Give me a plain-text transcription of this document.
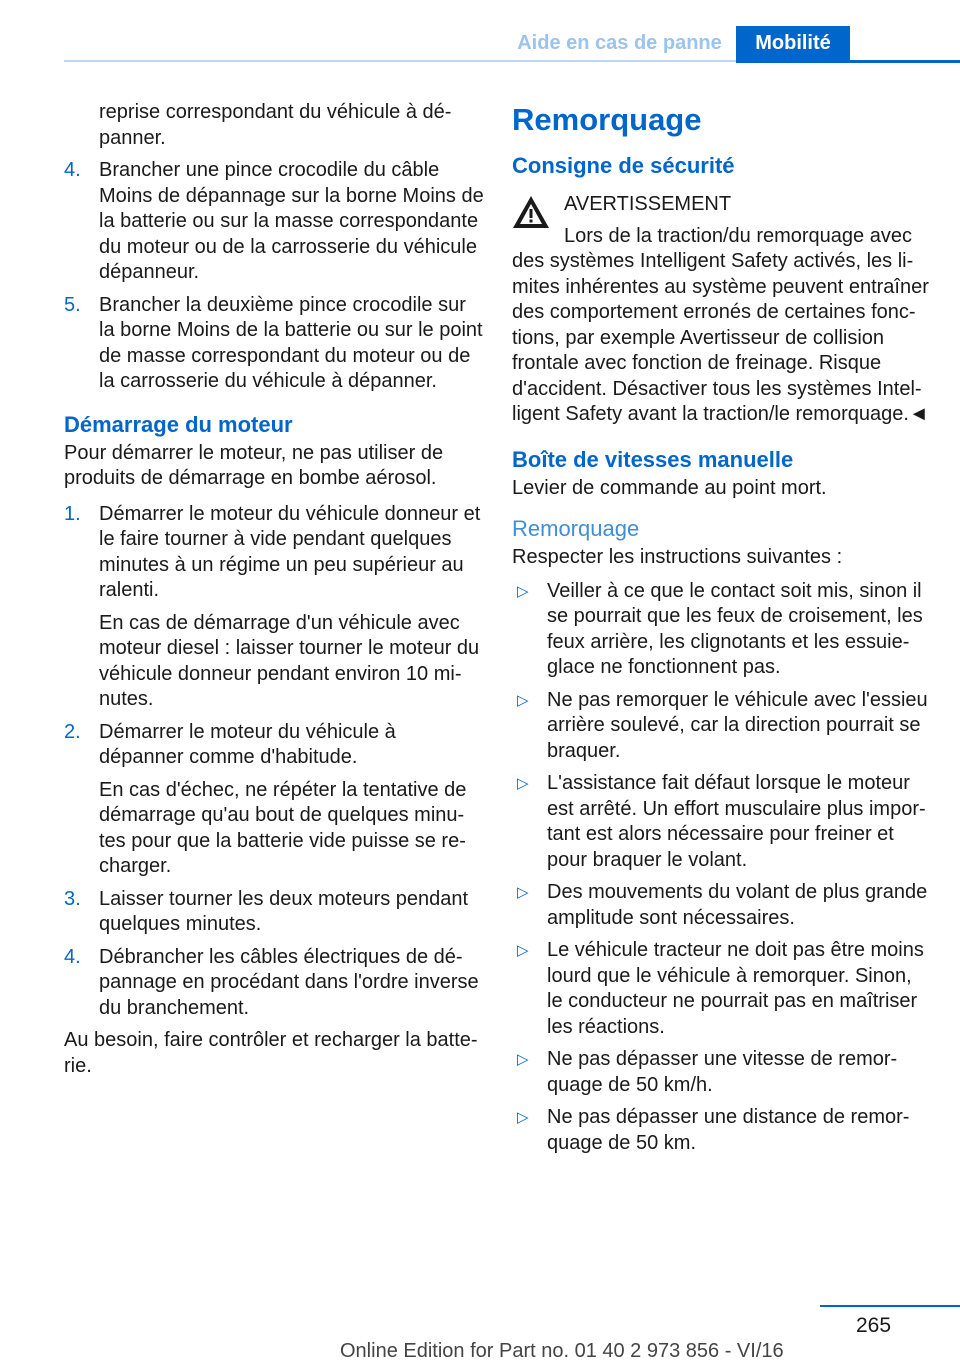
Aide en cas de panne	Mobilité

reprise correspondant du véhicule à dépanner.

4. Brancher une pince crocodile du câble Moins de dépannage sur la borne Moins de la batterie ou sur la masse correspondante du moteur ou de la carrosserie du véhicule dépanneur.

5. Brancher la deuxième pince crocodile sur la borne Moins de la batterie ou sur le point de masse correspondant du moteur ou de la carrosserie du véhicule à dépanner.

Démarrage du moteur

Pour démarrer le moteur, ne pas utiliser de produits de démarrage en bombe aérosol.

1. Démarrer le moteur du véhicule donneur et le faire tourner à vide pendant quelques minutes à un régime un peu supérieur au ralenti.

En cas de démarrage d'un véhicule avec moteur diesel : laisser tourner le moteur du véhicule donneur pendant environ 10 minutes.

2. Démarrer le moteur du véhicule à dépanner comme d'habitude.

En cas d'échec, ne répéter la tentative de démarrage qu'au bout de quelques minutes pour que la batterie vide puisse se recharger.

3. Laisser tourner les deux moteurs pendant quelques minutes.

4. Débrancher les câbles électriques de dépannage en procédant dans l'ordre inverse du branchement.

Au besoin, faire contrôler et recharger la batterie.

Remorquage
Consigne de sécurité

AVERTISSEMENT

Lors de la traction/du remorquage avec

des systèmes Intelligent Safety activés, les limites inhérentes au système peuvent entraîner des comportement erronés de certaines fonctions, par exemple Avertisseur de collision frontale avec fonction de freinage. Risque d'accident. Désactiver tous les systèmes Intelligent Safety avant la traction/le remorquage.◄

Boîte de vitesses manuelle

Levier de commande au point mort.

Remorquage

Respecter les instructions suivantes :

▷ Veiller à ce que le contact soit mis, sinon il se pourrait que les feux de croisement, les feux arrière, les clignotants et les essuie-glace ne fonctionnent pas.

▷ Ne pas remorquer le véhicule avec l'essieu arrière soulevé, car la direction pourrait se braquer.

▷ L'assistance fait défaut lorsque le moteur est arrêté. Un effort musculaire plus important est alors nécessaire pour freiner et pour braquer le volant.

▷ Des mouvements du volant de plus grande amplitude sont nécessaires.

▷ Le véhicule tracteur ne doit pas être moins lourd que le véhicule à remorquer. Sinon, le conducteur ne pourrait pas en maîtriser les réactions.

▷ Ne pas dépasser une vitesse de remorquage de 50 km/h.

▷ Ne pas dépasser une distance de remorquage de 50 km.

265
Online Edition for Part no. 01 40 2 973 856 - VI/16
